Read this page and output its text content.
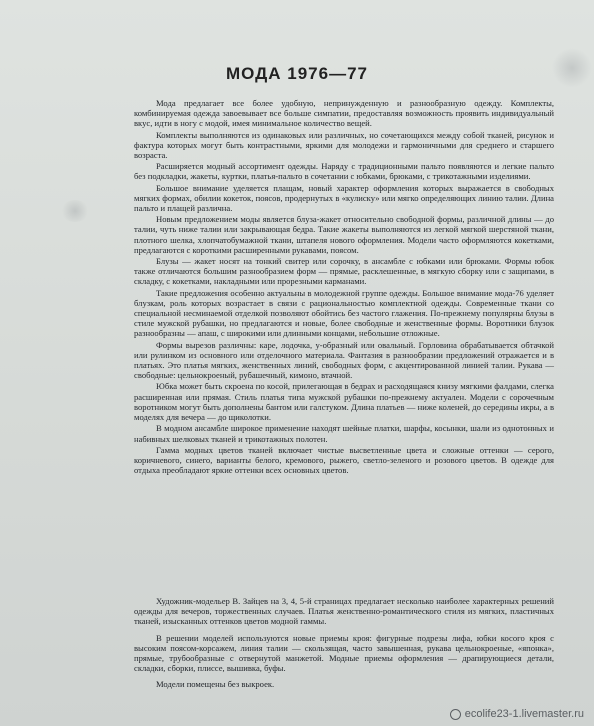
МОДА 1976—77

Мода предлагает все более удобную, непринужденную и разнообразную одежду. Комплекты, комбинируемая одежда завоевывает все больше симпатии, предоставляя возможность проявить индивидуальный вкус, идти в ногу с модой, имея минимальное количество вещей.

Комплекты выполняются из одинаковых или различных, но сочетающихся между собой тканей, рисунок и фактура которых могут быть контрастными, яркими для молодежи и гармоничными для среднего и старшего возраста.

Расширяется модный ассортимент одежды. Наряду с традиционными пальто появляются и легкие пальто без подкладки, жакеты, куртки, платья-пальто в сочетании с юбками, брюками, с трикотажными изделиями.

Большое внимание уделяется плащам, новый характер оформления которых выражается в свободных мягких формах, обилии кокеток, поясов, продернутых в «кулиску» или мягко определяющих линию талии. Длина пальто и плащей различна.

Новым предложением моды является блуза-жакет относительно свободной формы, различной длины — до талии, чуть ниже талии или закрывающая бедра. Такие жакеты выполняются из легкой мягкой шерстяной ткани, плотного шелка, хлопчатобумажной ткани, штапеля нового оформления. Модели часто оформляются кокетками, предлагаются с короткими расширенными рукавами, поясом.

Блузы — жакет носят на тонкий свитер или сорочку, в ансамбле с юбками или брюками. Формы юбок также отличаются большим разнообразием форм — прямые, расклешенные, в мягкую сборку или с защипами, в складку, с кокетками, накладными или прорезными карманами.

Такие предложения особенно актуальны в молодежной группе одежды. Большое внимание мода-76 уделяет блузкам, роль которых возрастает в связи с рациональностью комплектной одежды. Современные ткани со специальной несминаемой отделкой позволяют обойтись без частого глажения. По-прежнему популярны блузы в стиле мужской рубашки, но предлагаются и новые, более свободные и женственные формы. Воротники блузок разнообразны — апаш, с широкими или длинными концами, небольшие отложные.

Формы вырезов различны: каре, лодочка, у-образный или овальный. Горловина обрабатывается обтачкой или рулинком из основного или отделочного материала. Фантазия в разнообразии предложений отражается и в платьях. Это платья мягких, женственных линий, свободных форм, с акцентированной линией талии. Рукава — свободные: цельнокроеный, рубашечный, кимоно, втачной.

Юбка может быть скроена по косой, прилегающая в бедрах и расходящаяся книзу мягкими фалдами, слегка расширенная или прямая. Стиль платья типа мужской рубашки по-прежнему актуален. Модели с сорочечным воротником могут быть дополнены бантом или галстуком. Длина платьев — ниже коленей, до середины икры, а в моделях для вечера — до щиколотки.

В модном ансамбле широкое применение находят шейные платки, шарфы, косынки, шали из однотонных и набивных шелковых тканей и трикотажных полотен.

Гамма модных цветов тканей включает чистые высветленные цвета и сложные оттенки — серого, коричневого, синего, варианты белого, кремового, рыжего, светло-зеленого и розового цветов. В одежде для отдыха преобладают яркие оттенки всех основных цветов.

Художник-модельер В. Зайцев на 3, 4, 5-й страницах предлагает несколько наиболее характерных решений одежды для вечеров, торжественных случаев. Платья женственно-романтического стиля из мягких, пластичных тканей, изысканных оттенков цветов модной гаммы.

В решении моделей используются новые приемы кроя: фигурные подрезы лифа, юбки косого кроя с высоким поясом-корсажем, линия талии — скользящая, часто завышенная, рукава цельнокроеные, «японка», прямые, трубообразные с отвернутой манжетой. Модные приемы оформления — драпирующиеся детали, складки, сборки, плиссе, вышивка, буфы.

Модели помещены без выкроек.

ecolife23-1.livemaster.ru
